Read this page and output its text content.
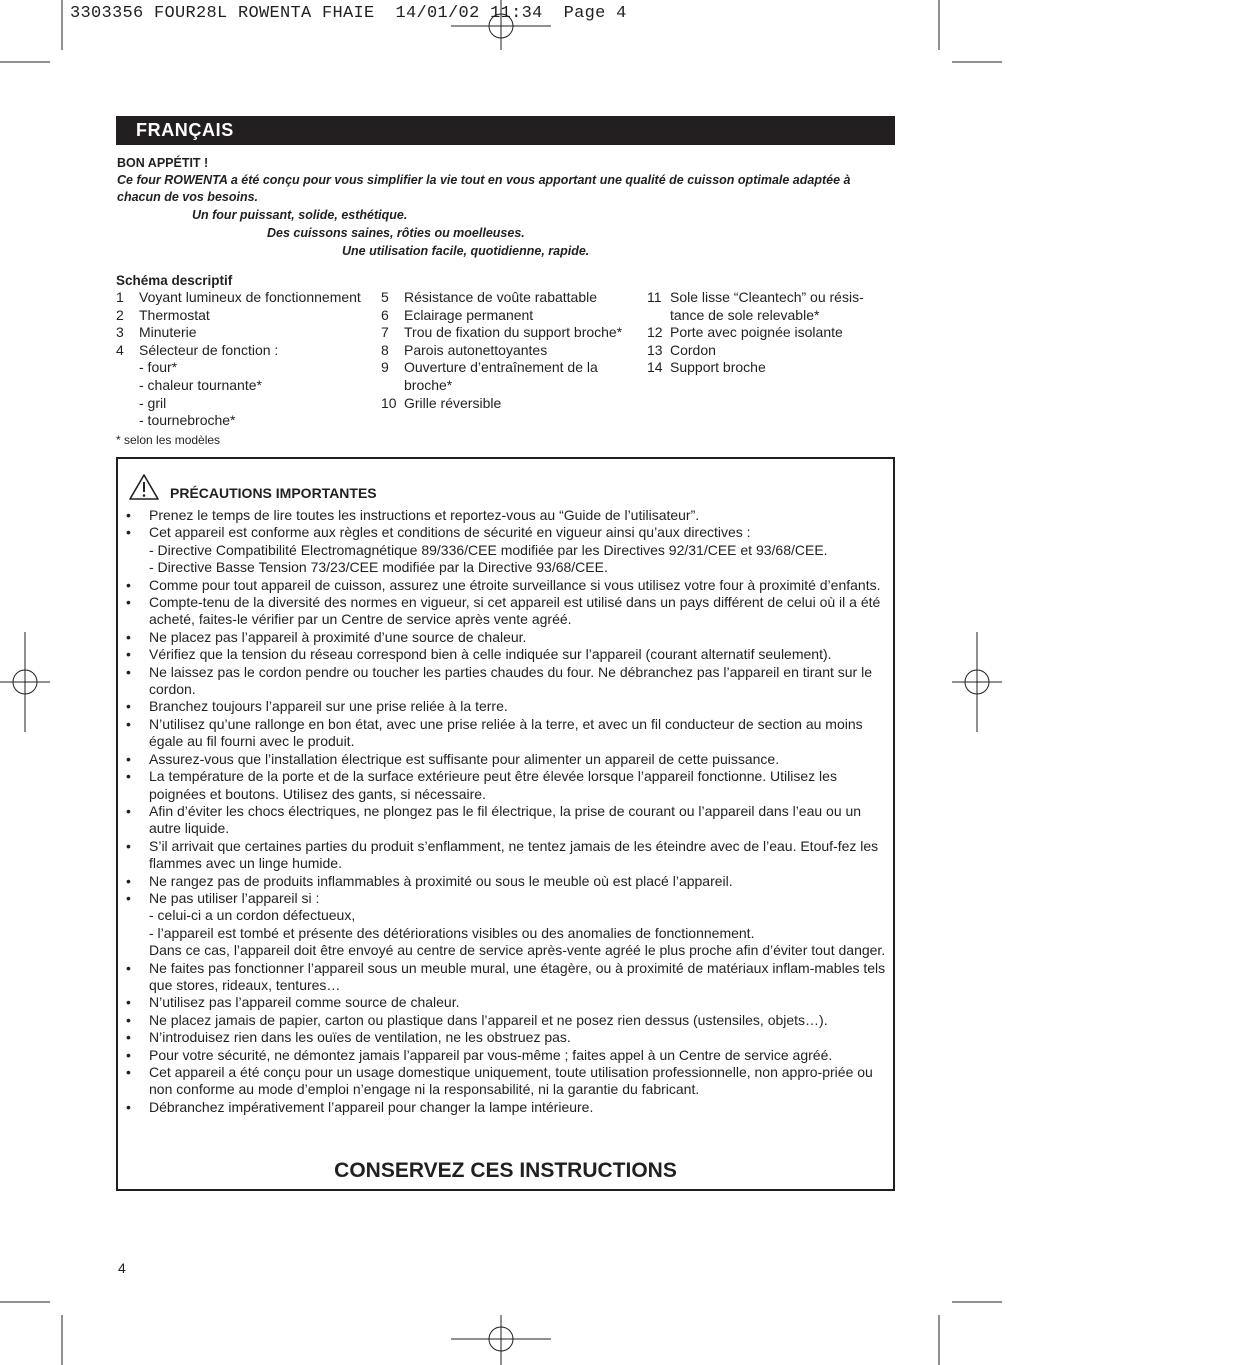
3303356 FOUR28L ROWENTA FHAIE  14/01/02 11:34  Page 4
FRANÇAIS
BON APPÉTIT !
Ce four ROWENTA a été conçu pour vous simplifier la vie tout en vous apportant une qualité de cuisson optimale adaptée à chacun de vos besoins.
Un four puissant, solide, esthétique.
Des cuissons saines, rôties ou moelleuses.
Une utilisation facile, quotidienne, rapide.
Schéma descriptif
1	Voyant lumineux de fonctionnement
2	Thermostat
3	Minuterie
4	Sélecteur de fonction :
- four*
- chaleur tournante*
- gril
- tournebroche*
5	Résistance de voûte rabattable
6	Eclairage permanent
7	Trou de fixation du support broche*
8	Parois autonettoyantes
9	Ouverture d’entraînement de la broche*
10 Grille réversible
11 Sole lisse “Cleantech” ou résis-tance de sole relevable*
12 Porte avec poignée isolante
13 Cordon
14 Support broche
* selon les modèles
PRÉCAUTIONS IMPORTANTES
• Prenez le temps de lire toutes les instructions et reportez-vous au “Guide de l’utilisateur”.
• Cet appareil est conforme aux règles et conditions de sécurité en vigueur ainsi qu’aux directives :
- Directive Compatibilité Electromagnétique 89/336/CEE modifiée par les Directives 92/31/CEE et 93/68/CEE.
- Directive Basse Tension 73/23/CEE modifiée par la Directive 93/68/CEE.
• Comme pour tout appareil de cuisson, assurez une étroite surveillance si vous utilisez votre four à proximité d’enfants.
• Compte-tenu de la diversité des normes en vigueur, si cet appareil est utilisé dans un pays différent de celui où il a été acheté, faites-le vérifier par un Centre de service après vente agréé.
• Ne placez pas l’appareil à proximité d’une source de chaleur.
• Vérifiez que la tension du réseau correspond bien à celle indiquée sur l’appareil (courant alternatif seulement).
• Ne laissez pas le cordon pendre ou toucher les parties chaudes du four. Ne débranchez pas l’appareil en tirant sur le cordon.
• Branchez toujours l’appareil sur une prise reliée à la terre.
• N’utilisez qu’une rallonge en bon état, avec une prise reliée à la terre, et avec un fil conducteur de section au moins égale au fil fourni avec le produit.
• Assurez-vous que l’installation électrique est suffisante pour alimenter un appareil de cette puissance.
• La température de la porte et de la surface extérieure peut être élevée lorsque l’appareil fonctionne. Utilisez les poignées et boutons. Utilisez des gants, si nécessaire.
• Afin d’éviter les chocs électriques, ne plongez pas le fil électrique, la prise de courant ou l’appareil dans l’eau ou un autre liquide.
• S’il arrivait que certaines parties du produit s’enflamment, ne tentez jamais de les éteindre avec de l’eau. Etouf-fez les flammes avec un linge humide.
• Ne rangez pas de produits inflammables à proximité ou sous le meuble où est placé l’appareil.
• Ne pas utiliser l’appareil si :
- celui-ci a un cordon défectueux,
- l’appareil est tombé et présente des détériorations visibles ou des anomalies de fonctionnement.
Dans ce cas, l’appareil doit être envoyé au centre de service après-vente agréé le plus proche afin d’éviter tout danger.
• Ne faites pas fonctionner l’appareil sous un meuble mural, une étagère, ou à proximité de matériaux inflam-mables tels que stores, rideaux, tentures…
• N’utilisez pas l’appareil comme source de chaleur.
• Ne placez jamais de papier, carton ou plastique dans l’appareil et ne posez rien dessus (ustensiles, objets…).
• N’introduisez rien dans les ouïes de ventilation, ne les obstruez pas.
• Pour votre sécurité, ne démontez jamais l’appareil par vous-même ; faites appel à un Centre de service agréé.
• Cet appareil a été conçu pour un usage domestique uniquement, toute utilisation professionnelle, non appro-priée ou non conforme au mode d’emploi n’engage ni la responsabilité, ni la garantie du fabricant.
• Débranchez impérativement l’appareil pour changer la lampe intérieure.
CONSERVEZ CES INSTRUCTIONS
4
